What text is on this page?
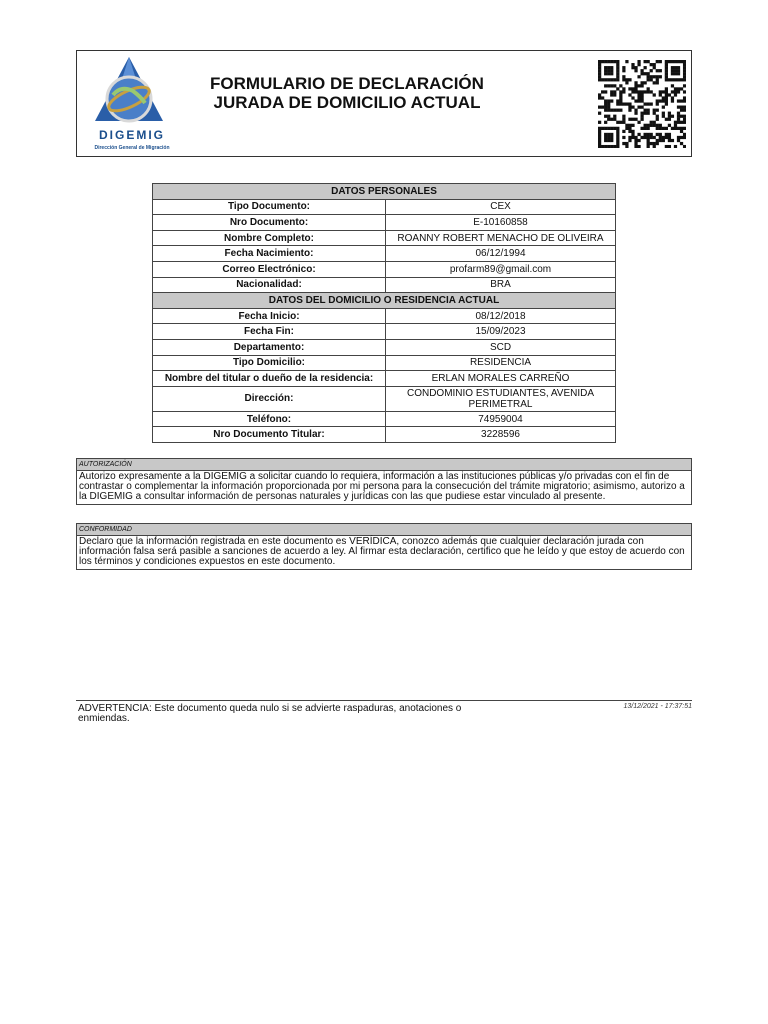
DIGEMIG
Dirección General de Migración
FORMULARIO DE DECLARACIÓN
JURADA DE DOMICILIO ACTUAL
DATOS PERSONALES	
Tipo Documento:	CEX
Nro Documento:	E-10160858
Nombre Completo:	ROANNY ROBERT MENACHO DE OLIVEIRA
Fecha Nacimiento:	06/12/1994
Correo Electrónico:	profarm89@gmail.com
Nacionalidad:	BRA
DATOS DEL DOMICILIO O RESIDENCIA ACTUAL	
Fecha Inicio:	08/12/2018
Fecha Fin:	15/09/2023
Departamento:	SCD
Tipo Domicilio:	RESIDENCIA
Nombre del titular o dueño de la residencia:	ERLAN MORALES CARREÑO
Dirección:	CONDOMINIO ESTUDIANTES, AVENIDA PERIMETRAL
Teléfono:	74959004
Nro Documento Titular:	3228596
AUTORIZACIÓN
Autorizo expresamente a la DIGEMIG a solicitar cuando lo requiera, información a las instituciones públicas y/o privadas con el fin de contrastar o complementar la información proporcionada por mi persona para la consecución del trámite migratorio; asimismo, autorizo a la DIGEMIG a consultar información de personas naturales y jurídicas con las que pudiese estar vinculado al presente.
CONFORMIDAD
Declaro que la información registrada en este documento es VERÍDICA, conozco además que cualquier declaración jurada con información falsa será pasible a sanciones de acuerdo a ley. Al firmar esta declaración, certifico que he leído y que estoy de acuerdo con los términos y condiciones expuestos en este documento.
ADVERTENCIA: Este documento queda nulo si se advierte raspaduras, anotaciones o enmiendas.
13/12/2021 - 17:37:51
